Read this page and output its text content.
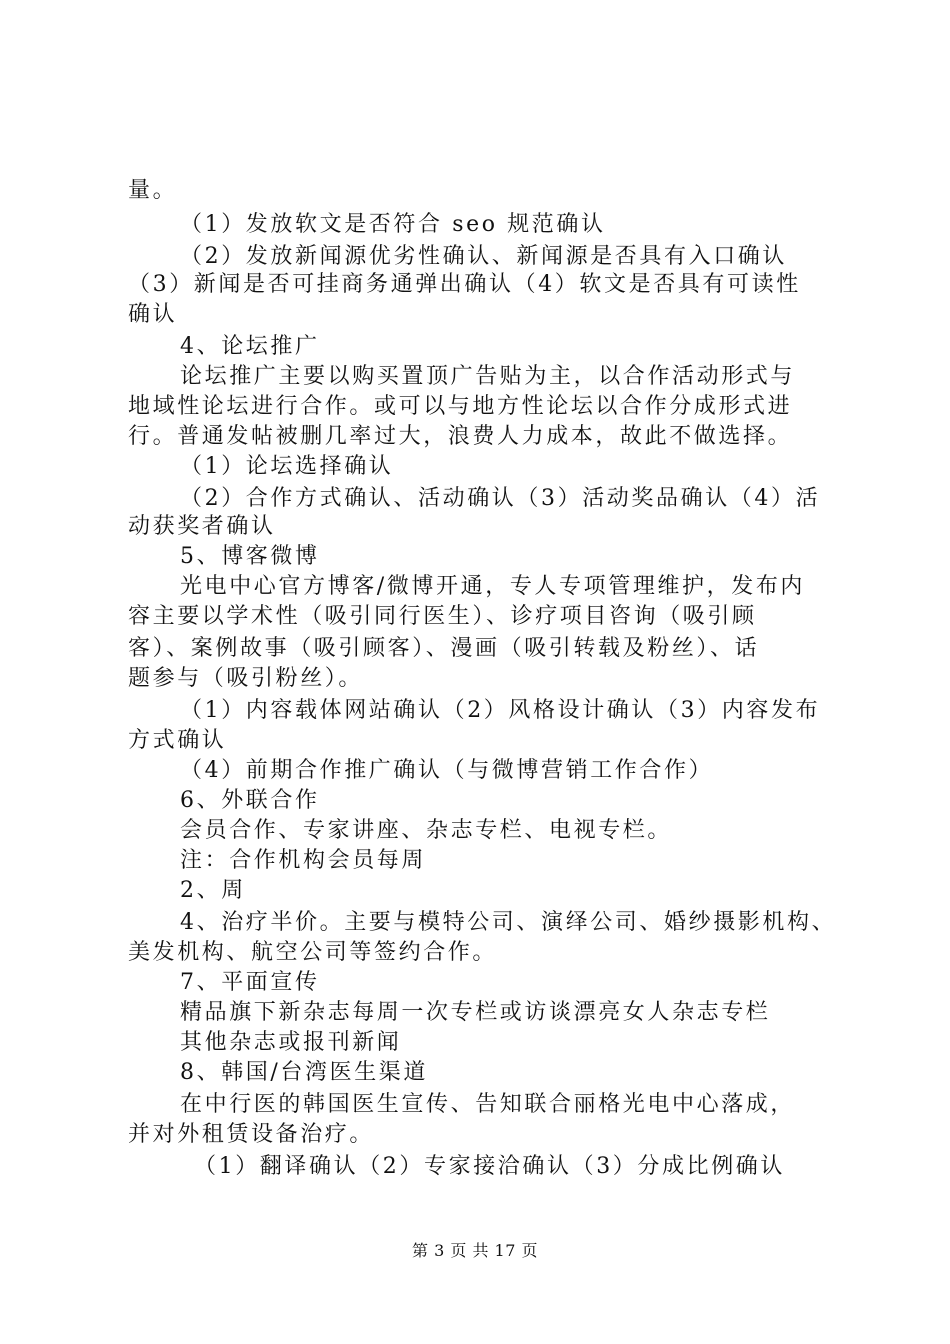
量。
（1）发放软文是否符合 seo 规范确认
（2）发放新闻源优劣性确认、新闻源是否具有入口确认
（3）新闻是否可挂商务通弹出确认（4）软文是否具有可读性
确认
4、论坛推广
论坛推广主要以购买置顶广告贴为主，以合作活动形式与
地域性论坛进行合作。或可以与地方性论坛以合作分成形式进
行。普通发帖被删几率过大，浪费人力成本，故此不做选择。
（1）论坛选择确认
（2）合作方式确认、活动确认（3）活动奖品确认（4）活
动获奖者确认
5、博客微博
光电中心官方博客/微博开通，专人专项管理维护，发布内
容主要以学术性（吸引同行医生）、诊疗项目咨询（吸引顾
客）、案例故事（吸引顾客）、漫画（吸引转载及粉丝）、话
题参与（吸引粉丝）。
（1）内容载体网站确认（2）风格设计确认（3）内容发布
方式确认
（4）前期合作推广确认（与微博营销工作合作）
6、外联合作
会员合作、专家讲座、杂志专栏、电视专栏。
注：合作机构会员每周
2、周
4、治疗半价。主要与模特公司、演绎公司、婚纱摄影机构、
美发机构、航空公司等签约合作。
7、平面宣传
精品旗下新杂志每周一次专栏或访谈漂亮女人杂志专栏
其他杂志或报刊新闻
8、韩国/台湾医生渠道
在中行医的韩国医生宣传、告知联合丽格光电中心落成，
并对外租赁设备治疗。
（1）翻译确认（2）专家接洽确认（3）分成比例确认
第 3 页 共 17 页
